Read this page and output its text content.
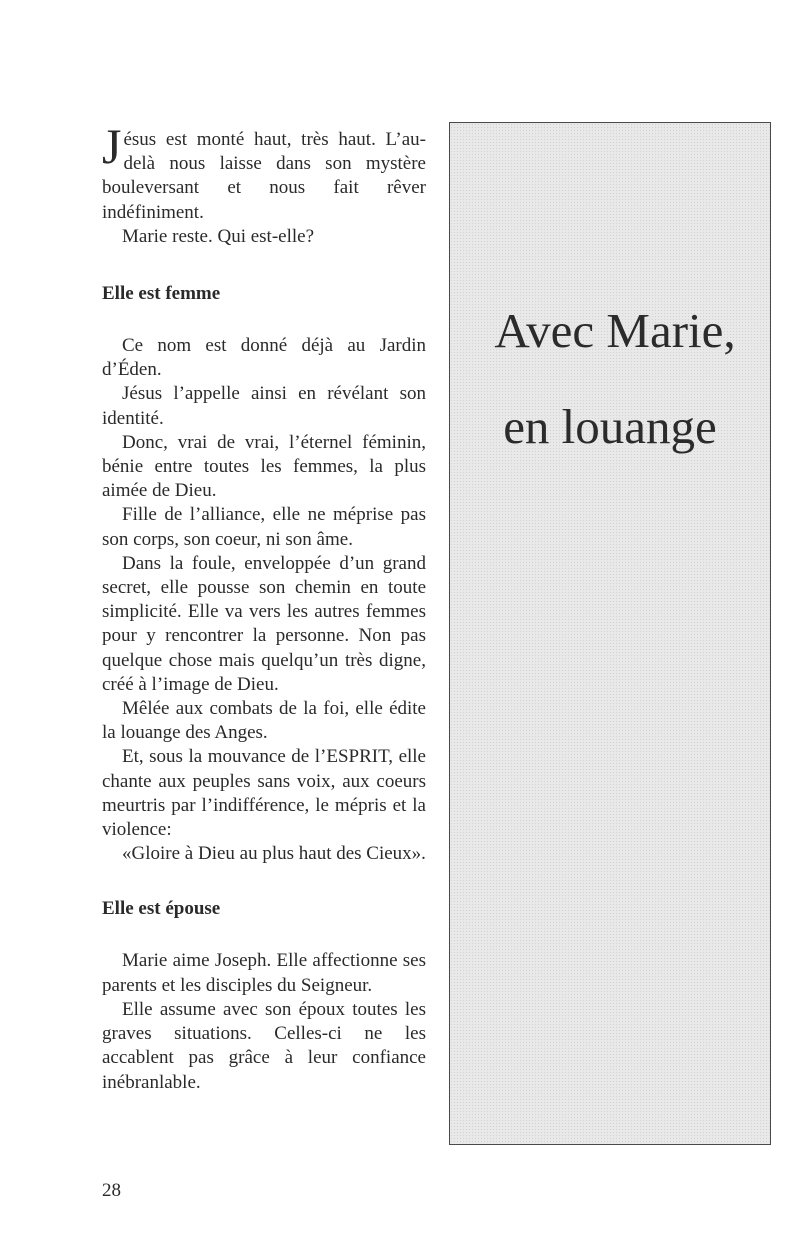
Jésus est monté haut, très haut. L’au-delà nous laisse dans son mystère bouleversant et nous fait rêver indéfiniment.

Marie reste. Qui est-elle?

Elle est femme

Ce nom est donné déjà au Jardin d’Éden.

Jésus l’appelle ainsi en révélant son identité.

Donc, vrai de vrai, l’éternel féminin, bénie entre toutes les femmes, la plus aimée de Dieu.

Fille de l’alliance, elle ne méprise pas son corps, son coeur, ni son âme.

Dans la foule, enveloppée d’un grand secret, elle pousse son chemin en toute simplicité. Elle va vers les autres femmes pour y rencontrer la personne. Non pas quelque chose mais quelqu’un très digne, créé à l’image de Dieu.

Mêlée aux combats de la foi, elle édite la louange des Anges.

Et, sous la mouvance de l’ESPRIT, elle chante aux peuples sans voix, aux coeurs meurtris par l’indifférence, le mépris et la violence:

«Gloire à Dieu au plus haut des Cieux».

Elle est épouse

Marie aime Joseph. Elle affectionne ses parents et les disciples du Seigneur.

Elle assume avec son époux toutes les graves situations. Celles-ci ne les accablent pas grâce à leur confiance inébranlable.

Avec Marie,
en louange
28
